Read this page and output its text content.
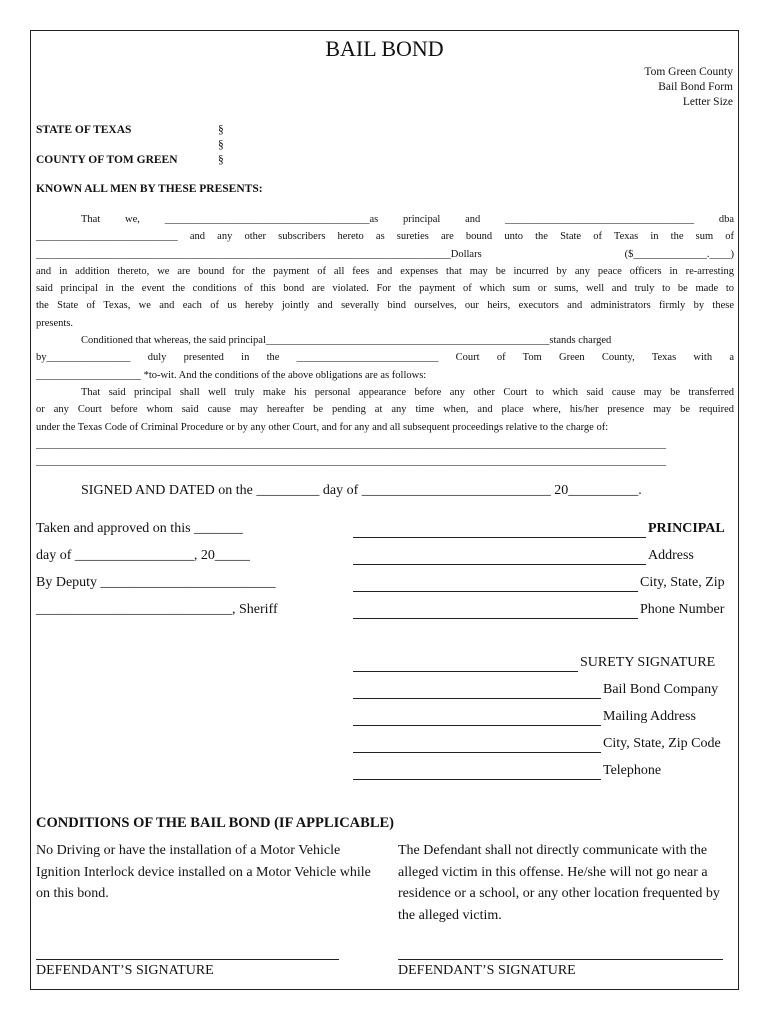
BAIL BOND
Tom Green County
Bail Bond Form
Letter Size
STATE OF TEXAS
COUNTY OF TOM GREEN
§
§
§
KNOWN ALL MEN BY THESE PRESENTS:
That we, _______________________________________as principal and ____________________________________ dba
___________________________ and any other subscribers hereto as sureties are bound unto the State of Texas in the sum of
_______________________________________________________________________________Dollars ($______________.____)
and in addition thereto, we are bound for the payment of all fees and expenses that may be incurred by any peace officers in re-arresting
said principal in the event the conditions of this bond are violated. For the payment of which sum or sums, well and truly to be made to
the State of Texas, we and each of us hereby jointly and severally bind ourselves, our heirs, executors and administrators firmly by these
presents.
Conditioned that whereas, the said principal______________________________________________________stands charged
by________________ duly presented in the ___________________________ Court of Tom Green County, Texas with a
____________________ *to-wit. And the conditions of the above obligations are as follows:
That said principal shall well truly make his personal appearance before any other Court to which said cause may be transferred
or any Court before whom said cause may hereafter be pending at any time when, and place where, his/her presence may be required
under the Texas Code of Criminal Procedure or by any other Court, and for any and all subsequent proceedings relative to the charge of:
________________________________________________________________________________________________________________________
________________________________________________________________________________________________________________________
SIGNED AND DATED on the _________ day of ___________________________ 20__________.
Taken and approved on this _______
day of _________________, 20_____
By Deputy _________________________
____________________________, Sheriff
PRINCIPAL
Address
City, State, Zip
Phone Number
SURETY SIGNATURE
Bail Bond Company
Mailing Address
City, State, Zip Code
Telephone
CONDITIONS OF THE BAIL BOND (IF APPLICABLE)
No Driving or have the installation of a Motor Vehicle Ignition Interlock device installed on a Motor Vehicle while on this bond.
The Defendant shall not directly communicate with the alleged victim in this offense. He/she will not go near a residence or a school, or any other location frequented by the alleged victim.
DEFENDANT’S SIGNATURE	DEFENDANT’S SIGNATURE
